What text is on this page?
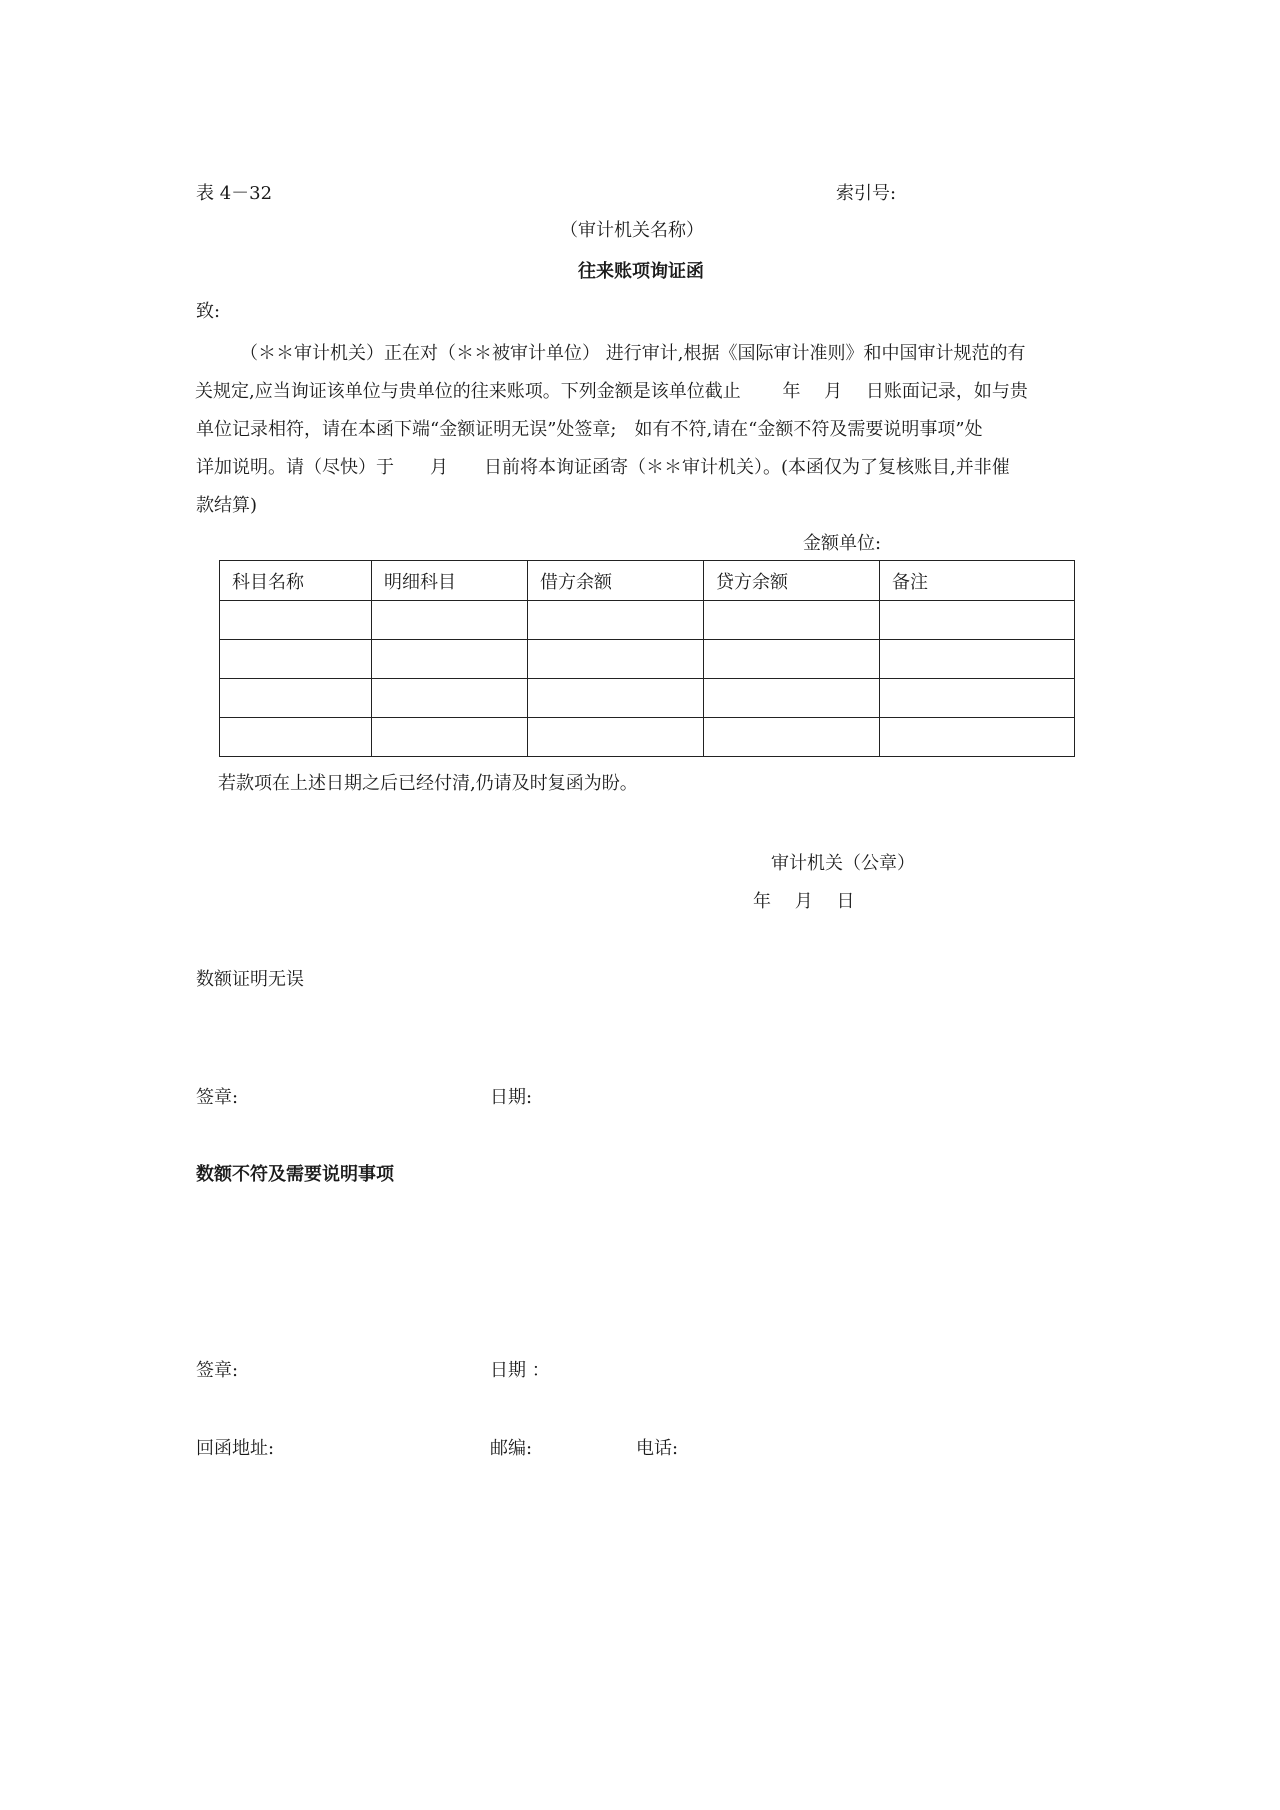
表 4－32	索引号:
（审计机关名称）
往来账项询证函
致:
（＊＊审计机关）正在对（＊＊被审计单位） 进行审计,根据《国际审计准则》和中国审计规范的有
关规定,应当询证该单位与贵单位的往来账项。下列金额是该单位截止　　 年　 月　 日账面记录，如与贵
单位记录相符，请在本函下端“金额证明无误”处签章;　如有不符,请在“金额不符及需要说明事项”处
详加说明。请（尽快）于　　月　　日前将本询证函寄（＊＊审计机关）。(本函仅为了复核账目,并非催
款结算)
金额单位:
科目名称	明细科目	借方余额	贷方余额	备注

若款项在上述日期之后已经付清,仍请及时复函为盼。
审计机关（公章）
年　 月　 日
数额证明无误
签章:	日期:
数额不符及需要说明事项
签章:	日期 ：
回函地址:	邮编:	电话:
